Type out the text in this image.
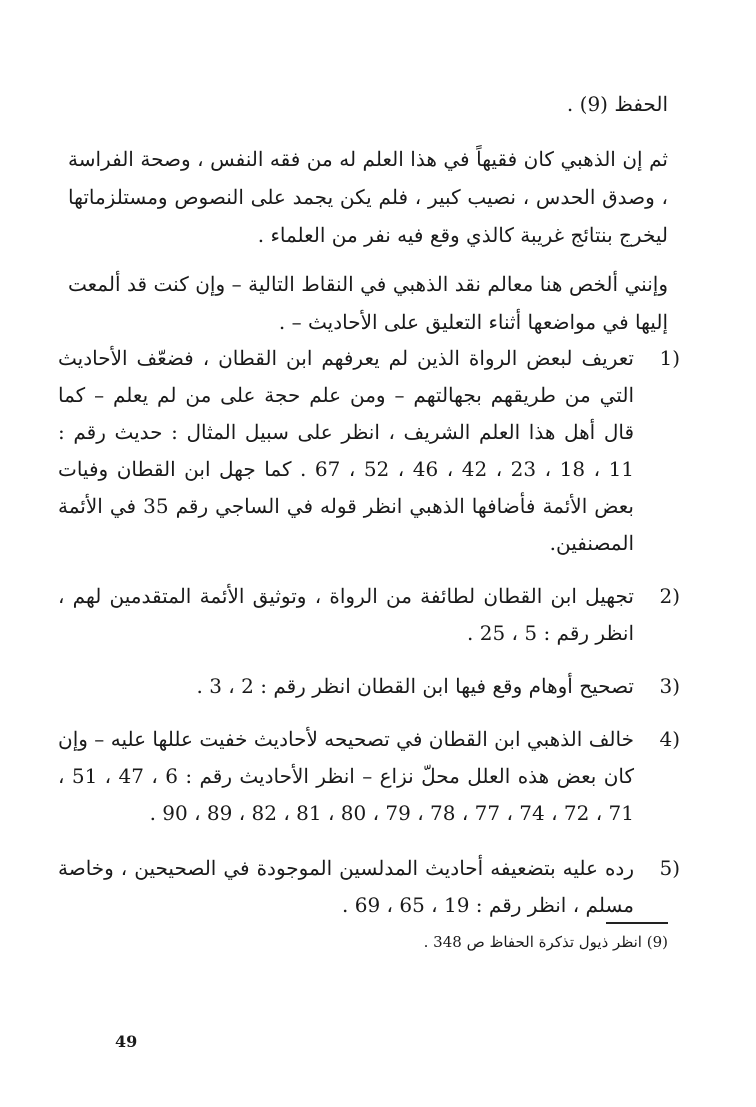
الحفظ (9) .
ثم إن الذهبي كان فقيهاً في هذا العلم له من فقه النفس ، وصحة الفراسة ، وصدق الحدس ، نصيب كبير ، فلم يكن يجمد على النصوص ومستلزماتها ليخرج بنتائج غريبة كالذي وقع فيه نفر من العلماء .
وإنني ألخص هنا معالم نقد الذهبي في النقاط التالية – وإن كنت قد ألمعت إليها في مواضعها أثناء التعليق على الأحاديث – .
1)
تعريف لبعض الرواة الذين لم يعرفهم ابن القطان ، فضعّف الأحاديث التي من طريقهم بجهالتهم – ومن علم حجة على من لم يعلم – كما قال أهل هذا العلم الشريف ، انظر على سبيل المثال : حديث رقم : 11 ، 18 ، 23 ، 42 ، 46 ، 52 ، 67 . كما جهل ابن القطان وفيات بعض الأئمة فأضافها الذهبي انظر قوله في الساجي رقم 35 في الأئمة المصنفين.
2)
تجهيل ابن القطان لطائفة من الرواة ، وتوثيق الأئمة المتقدمين لهم ، انظر رقم : 5 ، 25 .
3)
تصحيح أوهام وقع فيها ابن القطان انظر رقم : 2 ، 3 .
4)
خالف الذهبي ابن القطان في تصحيحه لأحاديث خفيت عللها عليه – وإن كان بعض هذه العلل محلّ نزاع – انظر الأحاديث رقم : 6 ، 47 ، 51 ، 71 ، 72 ، 74 ، 77 ، 78 ، 79 ، 80 ، 81 ، 82 ، 89 ، 90 .
5)
رده عليه بتضعيفه أحاديث المدلسين الموجودة في الصحيحين ، وخاصة مسلم ، انظر رقم : 19 ، 65 ، 69 .
(9) انظر ذيول تذكرة الحفاظ ص 348 .
49
